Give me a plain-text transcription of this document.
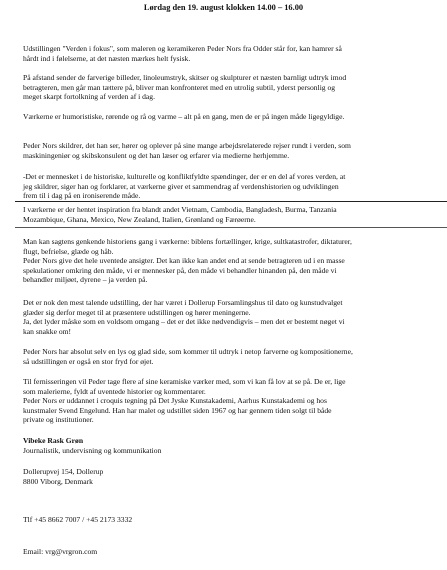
Lørdag den 19. august klokken 14.00 – 16.00
Udstillingen "Verden i fokus", som maleren og keramikeren Peder Nors fra Odder står for, kan hamrer så
hårdt ind i følelserne, at det næsten mærkes helt fysisk.
På afstand sender de farverige billeder, linoleumstryk, skitser og skulpturer et næsten barnligt udtryk imod
betragteren, men går man tættere på, bliver man konfronteret med en utrolig subtil, yderst personlig og
meget skarpt fortolkning af verden af i dag.
Værkerne er humoristiske, rørende og rå og varme – alt på en gang, men de er på ingen måde ligegyldige.
Peder Nors skildrer, det han ser, hører og oplever på sine mange arbejdsrelaterede rejser rundt i verden, som
maskiningeniør og skibskonsulent og det han læser og erfarer via medierne herhjemme.
-Det er mennesket i de historiske, kulturelle og konfliktfyldte spændinger, der er en del af vores verden, at
jeg skildrer, siger han og forklarer, at værkerne giver et sammendrag af verdenshistorien og udviklingen
frem til i dag på en ironiserende måde.
I værkerne er der hentet inspiration fra blandt andet Vietnam, Cambodia, Bangladesh, Burma, Tanzania
Mozambique, Ghana, Mexico, New Zealand, Italien, Grønland og Færøerne.
Man kan sagtens genkende historiens gang i værkerne: biblens fortællinger, krige, sultkatastrofer, diktaturer,
flugt, befrielse, glæde og håb.
Peder Nors give det hele uventede ansigter. Det kan ikke kan andet end at sende betragteren ud i en masse
spekulationer omkring den måde, vi er mennesker på, den måde vi behandler hinanden på, den måde vi
behandler miljøet, dyrene – ja verden på.
Det er nok den mest talende udstilling, der har været i Dollerup Forsamlingshus til dato og kunstudvalget
glæder sig derfor meget til at præsentere udstillingen og hører meningerne.
Ja, det lyder måske som en voldsom omgang – det er det ikke nødvendigvis – men det er bestemt nøget vi
kan snakke om!
Peder Nors har absolut selv en lys og glad side, som kommer til udtryk i netop farverne og kompositionerne,
så udstillingen er også en stor fryd for øjet.
Til fernisseringen vil Peder tage flere af sine keramiske værker med, som vi kan få lov at se på. De er, lige
som malerierne, fyldt af uventede historier og kommentarer.
Peder Nors er uddannet i croquis tegning på Det Jyske Kunstakademi, Aarhus Kunstakademi og hos
kunstmaler Svend Engelund. Han har malet og udstillet siden 1967 og har gennem tiden solgt til både
private og institutioner.
Vibeke Rask Grøn
Journalistik, undervisning og kommunikation
Dollerupvej 154, Dollerup
8800 Viborg, Denmark
Tlf +45 8662 7007 / +45 2173 3332
Email: vrg@vrgron.com
